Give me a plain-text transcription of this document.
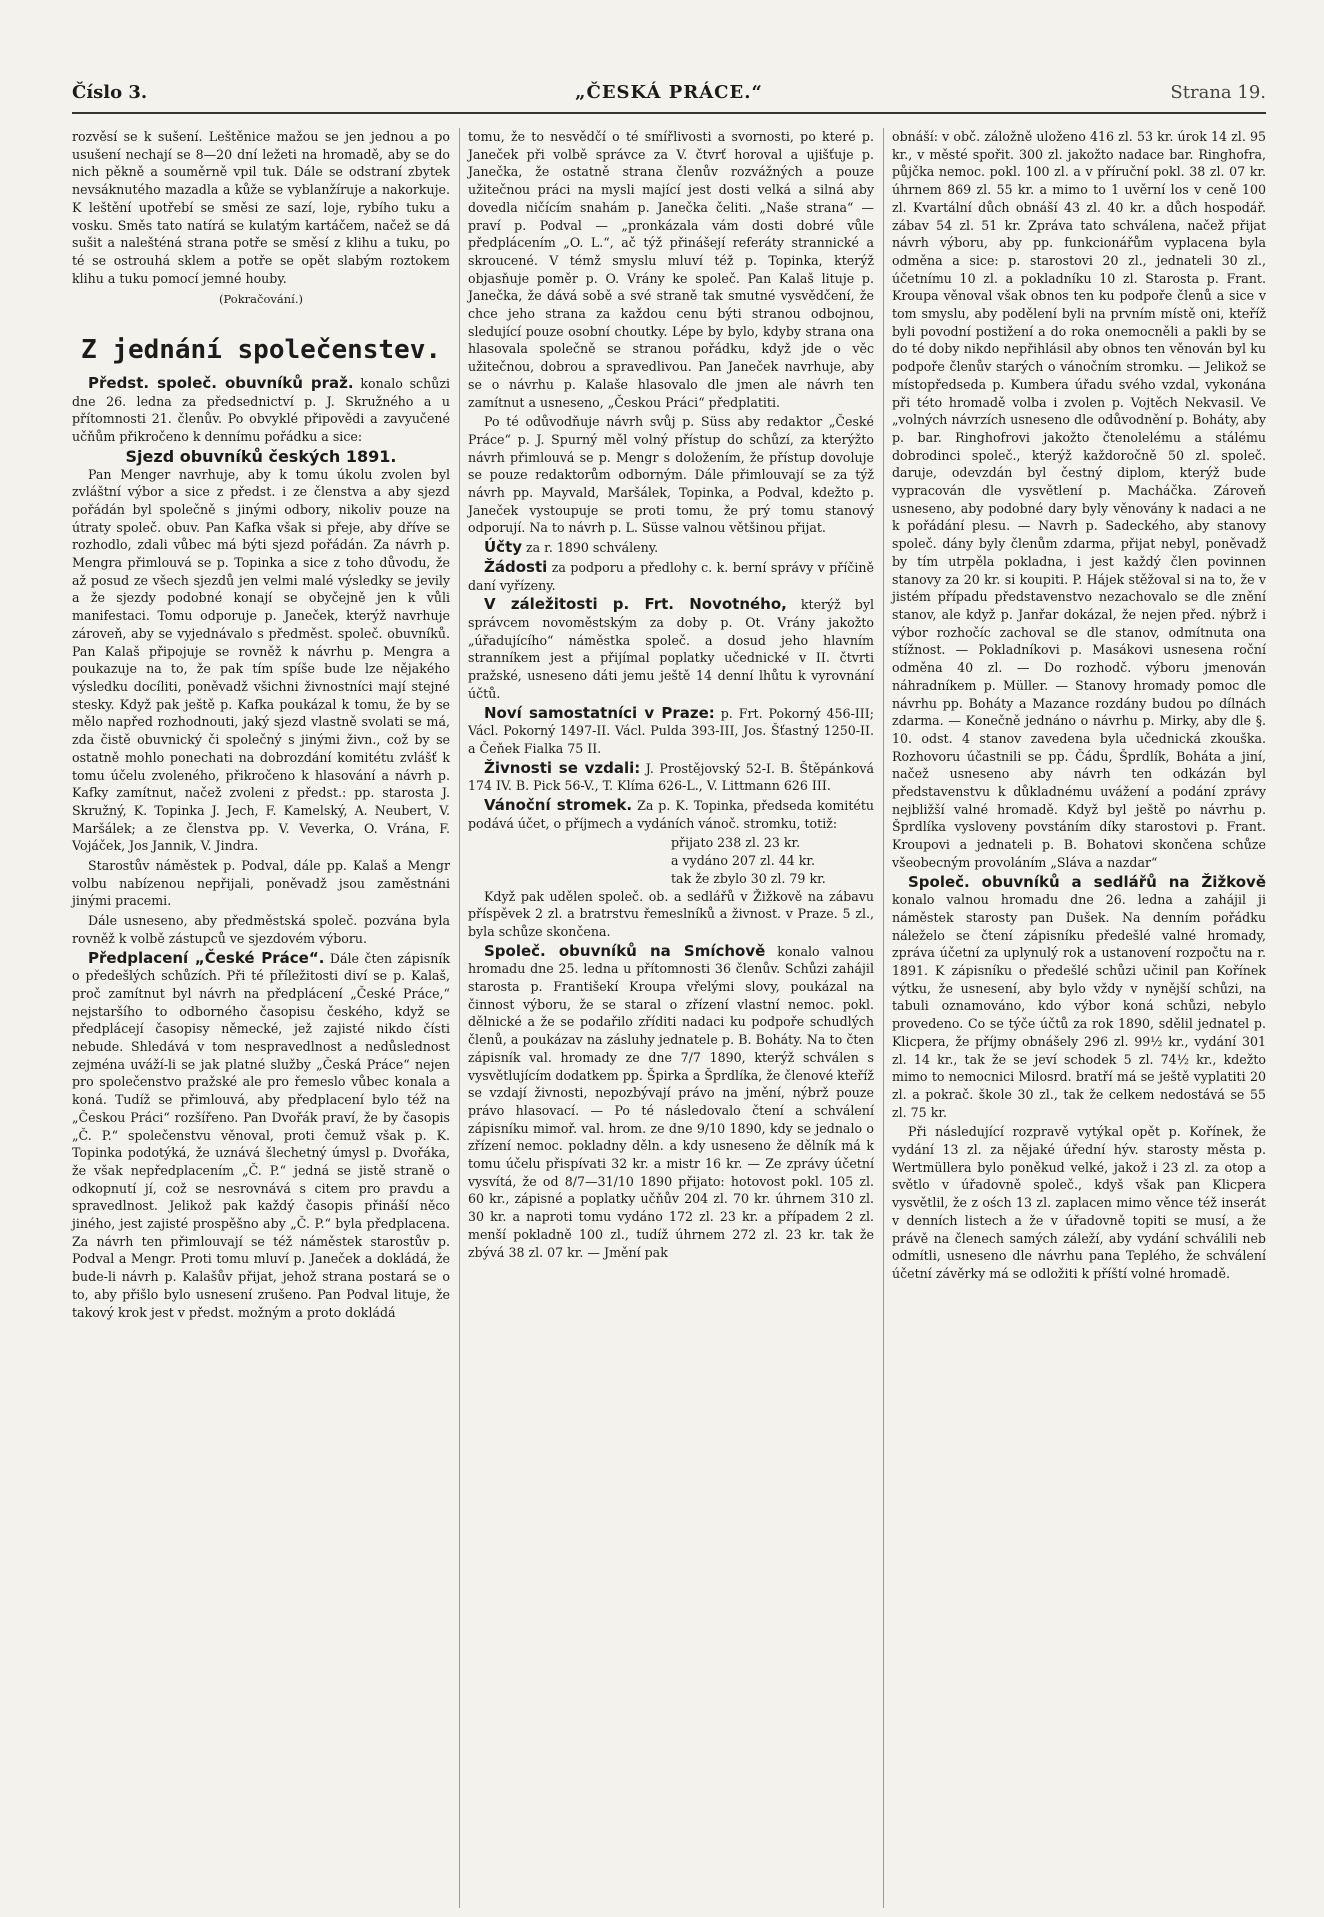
Číslo 3.	„ČESKÁ PRÁCE.“	Strana 19.

rozvěsí se k sušení. Leštěnice mažou se jen jednou a po usušení nechají se 8—20 dní ležeti na hromadě, aby se do nich pěkně a souměrně vpil tuk. Dále se odstraní zbytek nevsáknutého mazadla a kůže se vyblanžíruje a nakorkuje. K leštění upotřebí se směsi ze sazí, loje, rybího tuku a vosku. Směs tato natírá se kulatým kartáčem, načež se dá sušit a nalešténá strana potře se směsí z klihu a tuku, po té se ostrouhá sklem a potře se opět slabým roztokem klihu a tuku pomocí jemné houby.

(Pokračování.)

Z jednání společenstev.

Předst. společ. obuvníků praž. konalo schůzi dne 26. ledna za předsednictví p. J. Skružného a u přítomnosti 21. členův. Po obvyklé připovědi a zavyučené učňům přikročeno k dennímu pořádku a sice:

Sjezd obuvníků českých 1891.

Pan Menger navrhuje, aby k tomu úkolu zvolen byl zvláštní výbor a sice z předst. i ze členstva a aby sjezd pořádán byl společně s jinými odbory, nikoliv pouze na útraty společ. obuv. Pan Kafka však si přeje, aby dříve se rozhodlo, zdali vůbec má býti sjezd pořádán. Za návrh p. Mengra přimlouvá se p. Topinka a sice z toho důvodu, že až posud ze všech sjezdů jen velmi malé výsledky se jevily a že sjezdy podobné konají se obyčejně jen k vůli manifestaci. Tomu odporuje p. Janeček, kterýž navrhuje zároveň, aby se vyjednávalo s předměst. společ. obuvníků. Pan Kalaš připojuje se rovněž k návrhu p. Mengra a poukazuje na to, že pak tím spíše bude lze nějakého výsledku docíliti, poněvadž všichni živnostníci mají stejné stesky. Když pak ještě p. Kafka poukázal k tomu, že by se mělo napřed rozhodnouti, jaký sjezd vlastně svolati se má, zda čistě obuvnický či společný s jinými živn., což by se ostatně mohlo ponechati na dobrozdání komitétu zvlášť k tomu účelu zvoleného, přikročeno k hlasování a návrh p. Kafky zamítnut, načež zvoleni z předst.: pp. starosta J. Skružný, K. Topinka J. Jech, F. Kamelský, A. Neubert, V. Maršálek; a ze členstva pp. V. Veverka, O. Vrána, F. Vojáček, Jos Jannik, V. Jindra.

Starostův náměstek p. Podval, dále pp. Kalaš a Mengr volbu nabízenou nepřijali, poněvadž jsou zaměstnáni jinými pracemi.

Dále usneseno, aby předměstská společ. pozvána byla rovněž k volbě zástupců ve sjezdovém výboru.

Předplacení „České Práce“. Dále čten zápisník o předešlých schůzích. Při té příležitosti diví se p. Kalaš, proč zamítnut byl návrh na předplácení „České Práce,“ nejstaršího to odborného časopisu českého, když se předplácejí časopisy německé, jež zajisté nikdo čísti nebude. Shledává v tom nespravedlnost a nedůslednost zejména uváží-li se jak platné služby „Česká Práce“ nejen pro společenstvo pražské ale pro řemeslo vůbec konala a koná. Tudíž se přimlouvá, aby předplacení bylo též na „Českou Práci“ rozšířeno. Pan Dvořák praví, že by časopis „Č. P.“ společenstvu věnoval, proti čemuž však p. K. Topinka podotýká, že uznává šlechetný úmysl p. Dvořáka, že však nepředplacením „Č. P.“ jedná se jistě straně o odkopnutí jí, což se nesrovnává s citem pro pravdu a spravedlnost. Jelikož pak každý časopis přináší něco jiného, jest zajisté prospěšno aby „Č. P.“ byla předplacena. Za návrh ten přimlouvají se též náměstek starostův p. Podval a Mengr. Proti tomu mluví p. Janeček a dokládá, že bude-li návrh p. Kalašův přijat, jehož strana postará se o to, aby přišlo bylo usnesení zrušeno. Pan Podval lituje, že takový krok jest v předst. možným a proto dokládá

tomu, že to nesvědčí o té smířlivosti a svornosti, po které p. Janeček při volbě správce za V. čtvrť horoval a ujišťuje p. Janečka, že ostatně strana členův rozvážných a pouze užitečnou práci na mysli mající jest dosti velká a silná aby dovedla ničícím snahám p. Janečka čeliti. „Naše strana“ — praví p. Podval — „pronkázala vám dosti dobré vůle předplácením „O. L.“, ač týž přinášejí referáty strannické a skroucené. V témž smyslu mluví též p. Topinka, kterýž objasňuje poměr p. O. Vrány ke společ. Pan Kalaš lituje p. Janečka, že dává sobě a své straně tak smutné vysvědčení, že chce jeho strana za každou cenu býti stranou odbojnou, sledující pouze osobní choutky. Lépe by bylo, kdyby strana ona hlasovala společně se stranou pořádku, když jde o věc užitečnou, dobrou a spravedlivou. Pan Janeček navrhuje, aby se o návrhu p. Kalaše hlasovalo dle jmen ale návrh ten zamítnut a usneseno, „Českou Práci“ předplatiti.

Po té odůvodňuje návrh svůj p. Süss aby redaktor „České Práce“ p. J. Spurný měl volný přístup do schůzí, za kterýžto návrh přimlouvá se p. Mengr s doložením, že přístup dovoluje se pouze redaktorům odborným. Dále přimlouvají se za týž návrh pp. Mayvald, Maršálek, Topinka, a Podval, kdežto p. Janeček vystoupuje se proti tomu, že prý tomu stanový odporují. Na to návrh p. L. Süsse valnou většinou přijat.

Účty za r. 1890 schváleny.

Žádosti za podporu a předlohy c. k. berní správy v příčině daní vyřízeny.

V záležitosti p. Frt. Novotného, kterýž byl správcem novoměstským za doby p. Ot. Vrány jakožto „úřadujícího“ náměstka společ. a dosud jeho hlavním stranníkem jest a přijímal poplatky učednické v II. čtvrti pražské, usneseno dáti jemu ještě 14 denní lhůtu k vyrovnání účtů.

Noví samostatníci v Praze: p. Frt. Pokorný 456-III; Václ. Pokorný 1497-II. Václ. Pulda 393-III, Jos. Šťastný 1250-II. a Čeňek Fialka 75 II.

Živnosti se vzdali: J. Prostějovský 52-I. B. Štěpánková 174 IV. B. Pick 56-V., T. Klíma 626-L., V. Littmann 626 III.

Vánoční stromek. Za p. K. Topinka, předseda komitétu podává účet, o příjmech a vydáních vánoč. stromku, totiž:

přijato 238 zl. 23 kr.
a vydáno 207 zl. 44 kr.
tak že zbylo 30 zl. 79 kr.

Když pak udělen společ. ob. a sedlářů v Žižkově na zábavu příspěvek 2 zl. a bratrstvu řemeslníků a živnost. v Praze. 5 zl., byla schůze skončena.

Společ. obuvníků na Smíchově konalo valnou hromadu dne 25. ledna u přítomnosti 36 členův. Schůzi zahájil starosta p. Františekí Kroupa vřelými slovy, poukázal na činnost výboru, že se staral o zřízení vlastní nemoc. pokl. dělnické a že se podařilo zříditi nadaci ku podpoře schudlých členů, a poukázav na zásluhy jednatele p. B. Boháty. Na to čten zápisník val. hromady ze dne 7/7 1890, kterýž schválen s vysvětlujícím dodatkem pp. Špirka a Šprdlíka, že členové kteříž se vzdají živnosti, nepozbývají právo na jmění, nýbrž pouze právo hlasovací. — Po té následovalo čtení a schválení zápisníku mimoř. val. hrom. ze dne 9/10 1890, kdy se jednalo o zřízení nemoc. pokladny děln. a kdy usneseno že dělník má k tomu účelu přispívati 32 kr. a mistr 16 kr. — Ze zprávy účetní vysvítá, že od 8/7—31/10 1890 přijato: hotovost pokl. 105 zl. 60 kr., zápisné a poplatky učňův 204 zl. 70 kr. úhrnem 310 zl. 30 kr. a naproti tomu vydáno 172 zl. 23 kr. a případem 2 zl. menší pokladně 100 zl., tudíž úhrnem 272 zl. 23 kr. tak že zbývá 38 zl. 07 kr. — Jmění pak

obnáší: v obč. záložně uloženo 416 zl. 53 kr. úrok 14 zl. 95 kr., v městé spořit. 300 zl. jakožto nadace bar. Ringhofra, půjčka nemoc. pokl. 100 zl. a v příruční pokl. 38 zl. 07 kr. úhrnem 869 zl. 55 kr. a mimo to 1 uvěrní los v ceně 100 zl. Kvartální důch obnáší 43 zl. 40 kr. a důch hospodář. zábav 54 zl. 51 kr. Zpráva tato schválena, načež přijat návrh výboru, aby pp. funkcionářům vyplacena byla odměna a sice: p. starostovi 20 zl., jednateli 30 zl., účetnímu 10 zl. a pokladníku 10 zl. Starosta p. Frant. Kroupa věnoval však obnos ten ku podpoře členů a sice v tom smyslu, aby podělení byli na prvním místě oni, kteříž byli povodní postižení a do roka onemocněli a pakli by se do té doby nikdo nepřihlásil aby obnos ten věnován byl ku podpoře členův starých o vánočním stromku. — Jelikož se místopředseda p. Kumbera úřadu svého vzdal, vykonána při této hromadě volba i zvolen p. Vojtěch Nekvasil. Ve „volných návrzích usneseno dle odůvodnění p. Boháty, aby p. bar. Ringhofrovi jakožto čtenolelému a stálému dobrodinci společ., kterýž každoročně 50 zl. společ. daruje, odevzdán byl čestný diplom, kterýž bude vypracován dle vysvětlení p. Macháčka. Zároveň usneseno, aby podobné dary byly věnovány k nadaci a ne k pořádání plesu. — Navrh p. Sadeckého, aby stanovy společ. dány byly členům zdarma, přijat nebyl, poněvadž by tím utrpěla pokladna, i jest každý člen povinnen stanovy za 20 kr. si koupiti. P. Hájek stěžoval si na to, že v jistém případu představenstvo nezachovalo se dle znění stanov, ale když p. Janřar dokázal, že nejen před. nýbrž i výbor rozhočíc zachoval se dle stanov, odmítnuta ona stížnost. — Pokladníkovi p. Masákovi usnesena roční odměna 40 zl. — Do rozhodč. výboru jmenován náhradníkem p. Müller. — Stanovy hromady pomoc dle návrhu pp. Boháty a Mazance rozdány budou po dílnách zdarma. — Konečně jednáno o návrhu p. Mirky, aby dle §. 10. odst. 4 stanov zavedena byla učednická zkouška. Rozhovoru účastnili se pp. Čádu, Šprdlík, Boháta a jiní, načež usneseno aby návrh ten odkázán byl představenstvu k důkladnému uvážení a podání zprávy nejbližší valné hromadě. Když byl ještě po návrhu p. Šprdlíka vysloveny povstáním díky starostovi p. Frant. Kroupovi a jednateli p. B. Bohatovi skončena schůze všeobecným provoláním „Sláva a nazdar“

Společ. obuvníků a sedlářů na Žižkově konalo valnou hromadu dne 26. ledna a zahájil ji náměstek starosty pan Dušek. Na denním pořádku náleželo se čtení zápisníku předešlé valné hromady, zpráva účetní za uplynulý rok a ustanovení rozpočtu na r. 1891. K zápisníku o předešlé schůzi učinil pan Kořínek výtku, že usnesení, aby bylo vždy v nynější schůzi, na tabuli oznamováno, kdo výbor koná schůzi, nebylo provedeno. Co se týče účtů za rok 1890, sdělil jednatel p. Klicpera, že příjmy obnášely 296 zl. 99½ kr., vydání 301 zl. 14 kr., tak že se jeví schodek 5 zl. 74½ kr., kdežto mimo to nemocnici Milosrd. bratří má se ještě vyplatiti 20 zl. a pokrač. škole 30 zl., tak že celkem nedostává se 55 zl. 75 kr.

Při následující rozpravě vytýkal opět p. Kořínek, že vydání 13 zl. za nějaké úřední hýv. starosty města p. Wertmüllera bylo poněkud velké, jakož i 23 zl. za otop a světlo v úřadovně společ., kdyš však pan Klicpera vysvětlil, že z ośch 13 zl. zaplacen mimo věnce též inserát v denních listech a že v úřadovně topiti se musí, a že právě na členech samých záleží, aby vydání schválili neb odmítli, usneseno dle návrhu pana Teplého, že schválení účetní závěrky má se odložiti k příští volné hromadě.
